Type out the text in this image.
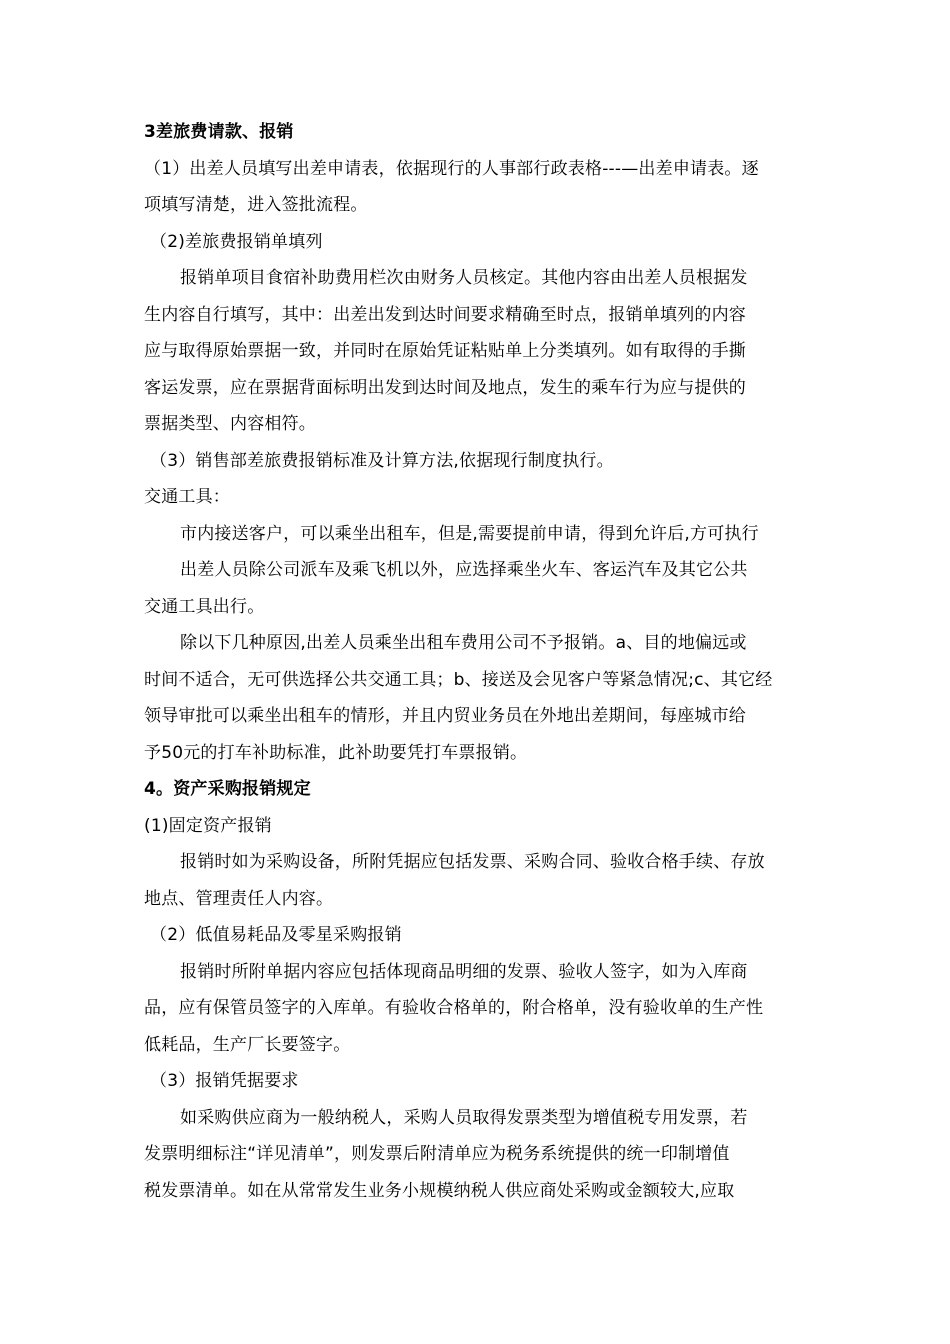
3差旅费请款、报销
（1）出差人员填写出差申请表，依据现行的人事部行政表格---—出差申请表。逐
项填写清楚，进入签批流程。
（2)差旅费报销单填列
报销单项目食宿补助费用栏次由财务人员核定。其他内容由出差人员根据发
生内容自行填写，其中：出差出发到达时间要求精确至时点，报销单填列的内容
应与取得原始票据一致，并同时在原始凭证粘贴单上分类填列。如有取得的手撕
客运发票，应在票据背面标明出发到达时间及地点，发生的乘车行为应与提供的
票据类型、内容相符。
（3）销售部差旅费报销标准及计算方法,依据现行制度执行。
交通工具：
市内接送客户，可以乘坐出租车，但是,需要提前申请，得到允许后,方可执行
出差人员除公司派车及乘飞机以外，应选择乘坐火车、客运汽车及其它公共
交通工具出行。
除以下几种原因,出差人员乘坐出租车费用公司不予报销。a、目的地偏远或
时间不适合，无可供选择公共交通工具；b、接送及会见客户等紧急情况;c、其它经
领导审批可以乘坐出租车的情形，并且内贸业务员在外地出差期间，每座城市给
予50元的打车补助标准，此补助要凭打车票报销。
4。资产采购报销规定
(1)固定资产报销
报销时如为采购设备，所附凭据应包括发票、采购合同、验收合格手续、存放
地点、管理责任人内容。
（2）低值易耗品及零星采购报销
报销时所附单据内容应包括体现商品明细的发票、验收人签字，如为入库商
品，应有保管员签字的入库单。有验收合格单的，附合格单，没有验收单的生产性
低耗品，生产厂长要签字。
（3）报销凭据要求
如采购供应商为一般纳税人，采购人员取得发票类型为增值税专用发票，若
发票明细标注“详见清单”，则发票后附清单应为税务系统提供的统一印制增值
税发票清单。如在从常常发生业务小规模纳税人供应商处采购或金额较大,应取
